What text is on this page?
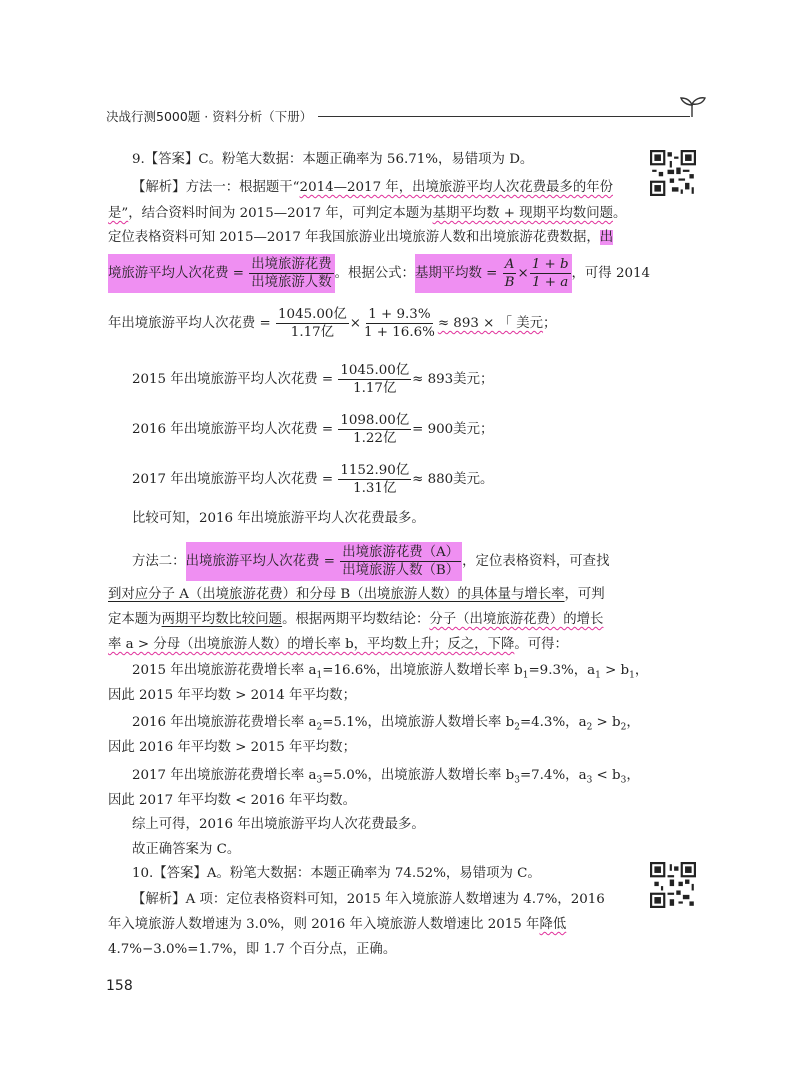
决战行测5000题 · 资料分析（下册）
9.【答案】C。粉笔大数据：本题正确率为 56.71%，易错项为 D。
【解析】方法一：根据题干“2014—2017 年，出境旅游平均人次花费最多的年份
是”，结合资料时间为 2015—2017 年，可判定本题为基期平均数 + 现期平均数问题。
定位表格资料可知 2015—2017 年我国旅游业出境旅游人数和出境旅游花费数据，出
境旅游平均人次花费 = $\frac{\text{出境旅游花费}}{\text{出境旅游人数}}$ 。根据公式：基期平均数 = $\frac{A}{B} \times \frac{1 + b}{1 + a}$ ，可得 2014
年出境旅游平均人次花费 = $\frac{\text{1045.00亿}}{\text{1.17亿}} \times \frac{1 + 9.3\%}{1 + 16.6\%} \approx 893$ × 「 美元；
2015 年出境旅游平均人次花费 = $\frac{\text{1045.00亿}}{\text{1.17亿}} \approx 893$美元；
2016 年出境旅游平均人次花费 = $\frac{\text{1098.00亿}}{\text{1.22亿}} = 900$美元；
2017 年出境旅游平均人次花费 = $\frac{\text{1152.90亿}}{\text{1.31亿}} \approx 880$美元。
比较可知，2016 年出境旅游平均人次花费最多。
方法二：出境旅游平均人次花费 = $\frac{\text{出境旅游花费（A）}}{\text{出境旅游人数（B）}}$ ，定位表格资料，可查找
到对应分子 A（出境旅游花费）和分母 B（出境旅游人数）的具体量与增长率，可判
定本题为两期平均数比较问题。根据两期平均数结论：分子（出境旅游花费）的增长
率 a > 分母（出境旅游人数）的增长率 b，平均数上升；反之，下降。可得：
2015 年出境旅游花费增长率 $a_1=16.6\%$，出境旅游人数增长率 $b_1=9.3\%$，$a_1 > b_1$，
因此 2015 年平均数 > 2014 年平均数；
2016 年出境旅游花费增长率 $a_2=5.1\%$，出境旅游人数增长率 $b_2=4.3\%$，$a_2 > b_2$，
因此 2016 年平均数 > 2015 年平均数；
2017 年出境旅游花费增长率 $a_3=5.0\%$，出境旅游人数增长率 $b_3=7.4\%$，$a_3 < b_3$，
因此 2017 年平均数 < 2016 年平均数。
综上可得，2016 年出境旅游平均人次花费最多。
故正确答案为 C。
10.【答案】A。粉笔大数据：本题正确率为 74.52%，易错项为 C。
【解析】A 项：定位表格资料可知，2015 年入境旅游人数增速为 4.7%，2016
年入境旅游人数增速为 3.0%，则 2016 年入境旅游人数增速比 2015 年降低
4.7%−3.0%=1.7%，即 1.7 个百分点，正确。
158
